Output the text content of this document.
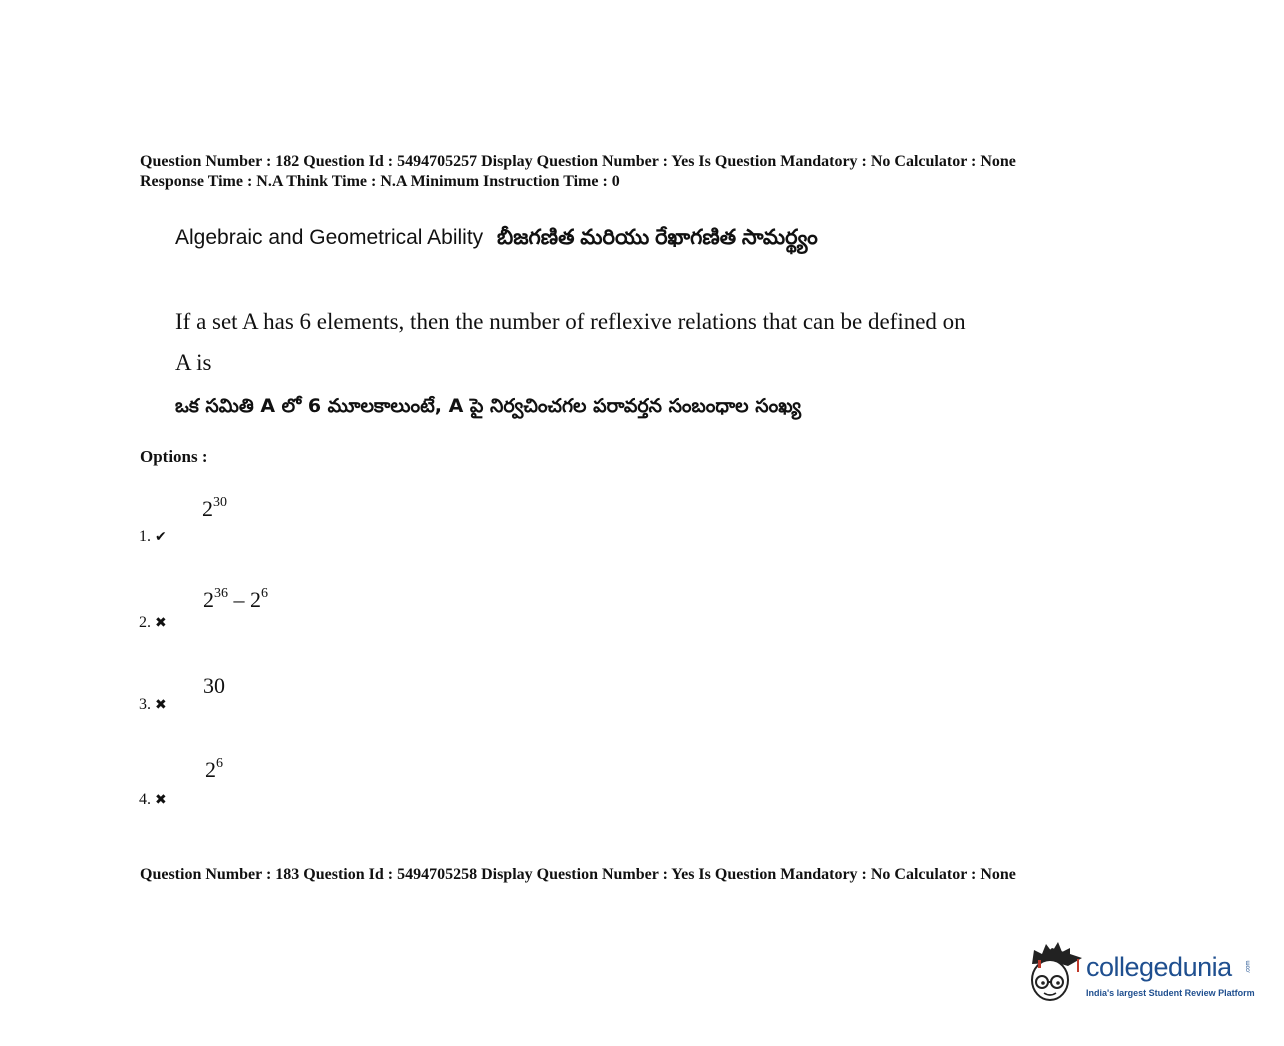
Question Number : 182 Question Id : 5494705257 Display Question Number : Yes Is Question Mandatory : No Calculator : None
Response Time : N.A Think Time : N.A Minimum Instruction Time : 0
Algebraic and Geometrical Ability బీజగణిత మరియు రేఖాగణిత సామర్థ్యం
If a set A has 6 elements, then the number of reflexive relations that can be defined on
A is
ఒక సమితి A లో 6 మూలకాలుంటే, A పై నిర్వచించగల పరావర్తన సంబంధాల సంఖ్య
Options :
1. ✔
$2^{30}$
2. ✖
$2^{36} - 2^6$
3. ✖
30
4. ✖
$2^6$
Question Number : 183 Question Id : 5494705258 Display Question Number : Yes Is Question Mandatory : No Calculator : None
collegedunia .com
India's largest Student Review Platform
